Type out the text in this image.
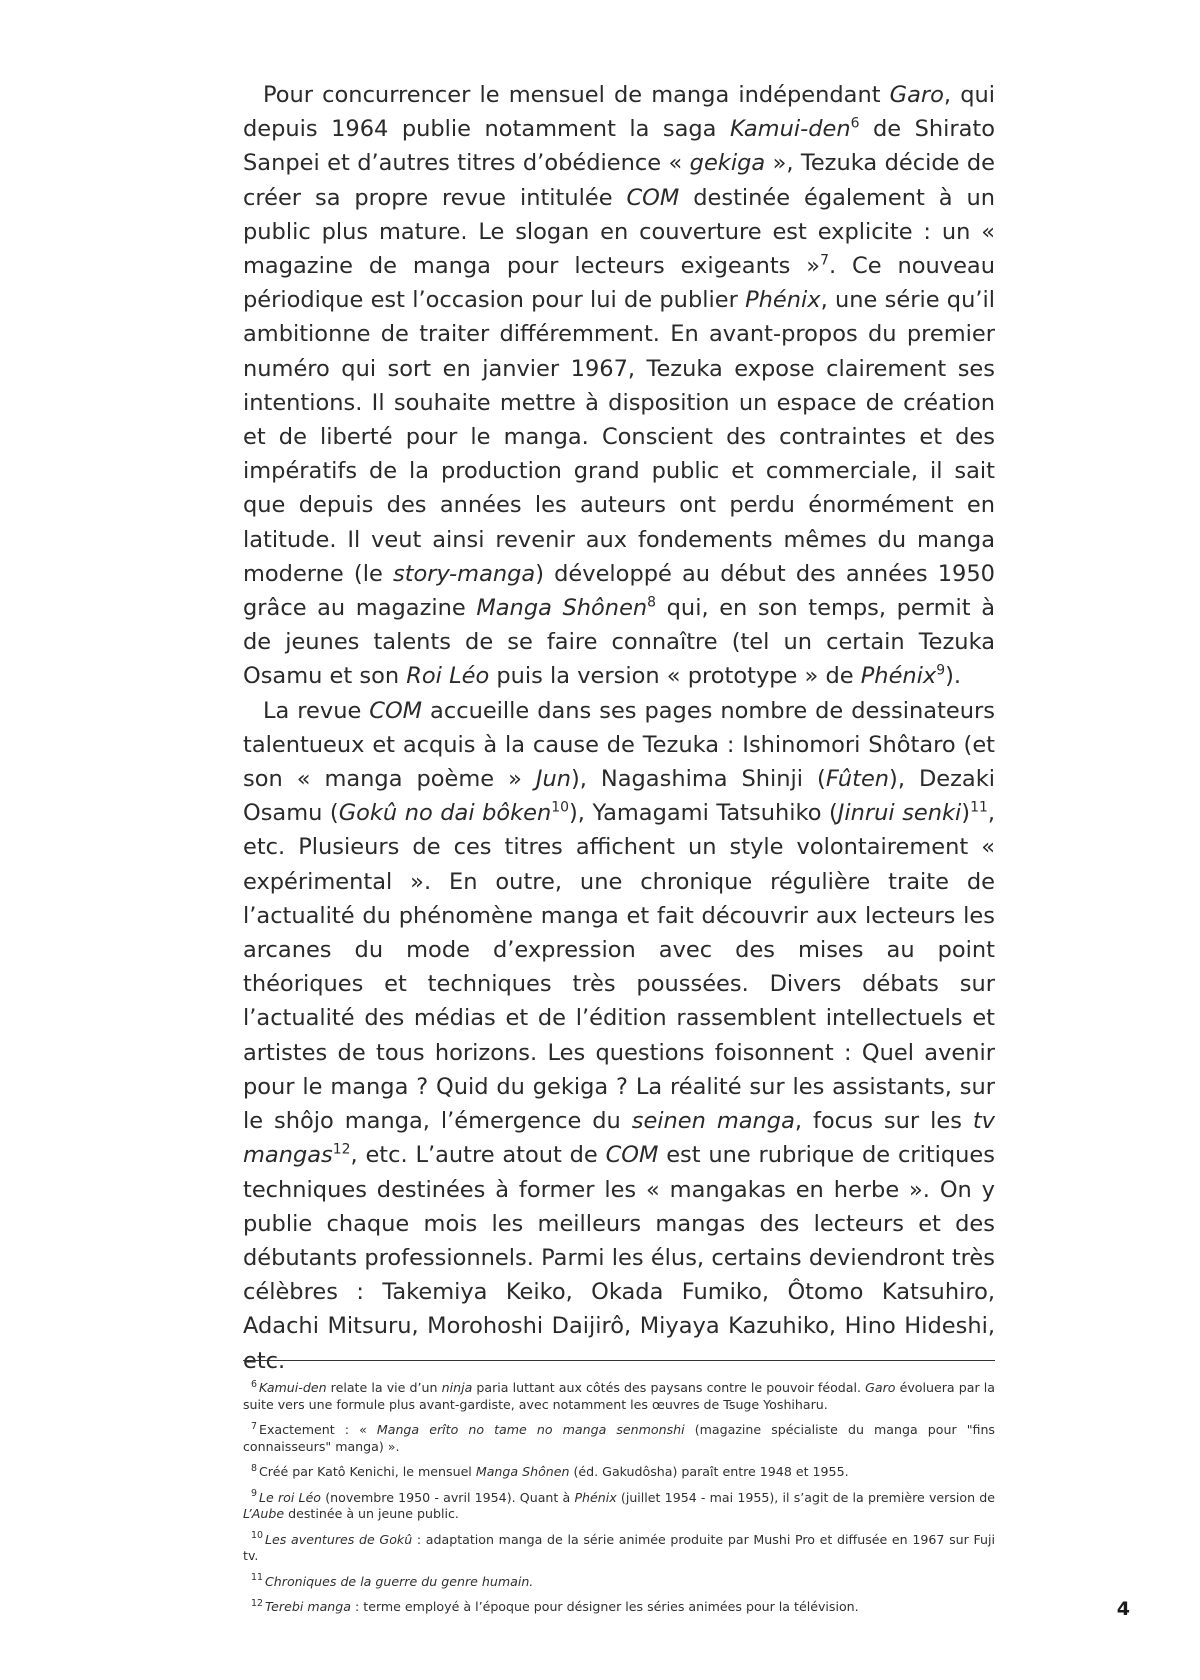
Pour concurrencer le mensuel de manga indépendant Garo, qui depuis 1964 publie notamment la saga Kamui-den$^6$ de Shirato Sanpei et d’autres titres d’obédience « gekiga », Tezuka décide de créer sa propre revue intitulée COM destinée également à un public plus mature. Le slogan en couverture est explicite : un « magazine de manga pour lecteurs exigeants »$^7$. Ce nouveau périodique est l’occasion pour lui de publier Phénix, une série qu’il ambitionne de traiter différemment. En avant-propos du premier numéro qui sort en janvier 1967, Tezuka expose clairement ses intentions. Il souhaite mettre à disposition un espace de création et de liberté pour le manga. Conscient des contraintes et des impératifs de la production grand public et commerciale, il sait que depuis des années les auteurs ont perdu énormément en latitude. Il veut ainsi revenir aux fondements mêmes du manga moderne (le story-manga) développé au début des années 1950 grâce au magazine Manga Shônen$^8$ qui, en son temps, permit à de jeunes talents de se faire connaître (tel un certain Tezuka Osamu et son Roi Léo puis la version « prototype » de Phénix$^9$).

La revue COM accueille dans ses pages nombre de dessinateurs talentueux et acquis à la cause de Tezuka : Ishinomori Shôtaro (et son « manga poème » Jun), Nagashima Shinji (Fûten), Dezaki Osamu (Gokû no dai bôken$^{10}$), Yamagami Tatsuhiko (Jinrui senki)$^{11}$, etc. Plusieurs de ces titres affichent un style volontairement « expérimental ». En outre, une chronique régulière traite de l’actualité du phénomène manga et fait découvrir aux lecteurs les arcanes du mode d’expression avec des mises au point théoriques et techniques très poussées. Divers débats sur l’actualité des médias et de l’édition rassemblent intellectuels et artistes de tous horizons. Les questions foisonnent : Quel avenir pour le manga ? Quid du gekiga ? La réalité sur les assistants, sur le shôjo manga, l’émergence du seinen manga, focus sur les tv mangas$^{12}$, etc. L’autre atout de COM est une rubrique de critiques techniques destinées à former les « mangakas en herbe ». On y publie chaque mois les meilleurs mangas des lecteurs et des débutants professionnels. Parmi les élus, certains deviendront très célèbres : Takemiya Keiko, Okada Fumiko, Ôtomo Katsuhiro, Adachi Mitsuru, Morohoshi Daijirô, Miyaya Kazuhiko, Hino Hideshi, etc.

$^6$ Kamui-den relate la vie d’un ninja paria luttant aux côtés des paysans contre le pouvoir féodal. Garo évoluera par la suite vers une formule plus avant-gardiste, avec notamment les œuvres de Tsuge Yoshiharu.

$^7$ Exactement : « Manga erîto no tame no manga senmonshi (magazine spécialiste du manga pour "fins connaisseurs" manga) ».

$^8$ Créé par Katô Kenichi, le mensuel Manga Shônen (éd. Gakudôsha) paraît entre 1948 et 1955.

$^9$ Le roi Léo (novembre 1950 - avril 1954). Quant à Phénix (juillet 1954 - mai 1955), il s’agit de la première version de L’Aube destinée à un jeune public.

$^{10}$ Les aventures de Gokû : adaptation manga de la série animée produite par Mushi Pro et diffusée en 1967 sur Fuji tv.

$^{11}$ Chroniques de la guerre du genre humain.

$^{12}$ Terebi manga : terme employé à l’époque pour désigner les séries animées pour la télévision.	4
